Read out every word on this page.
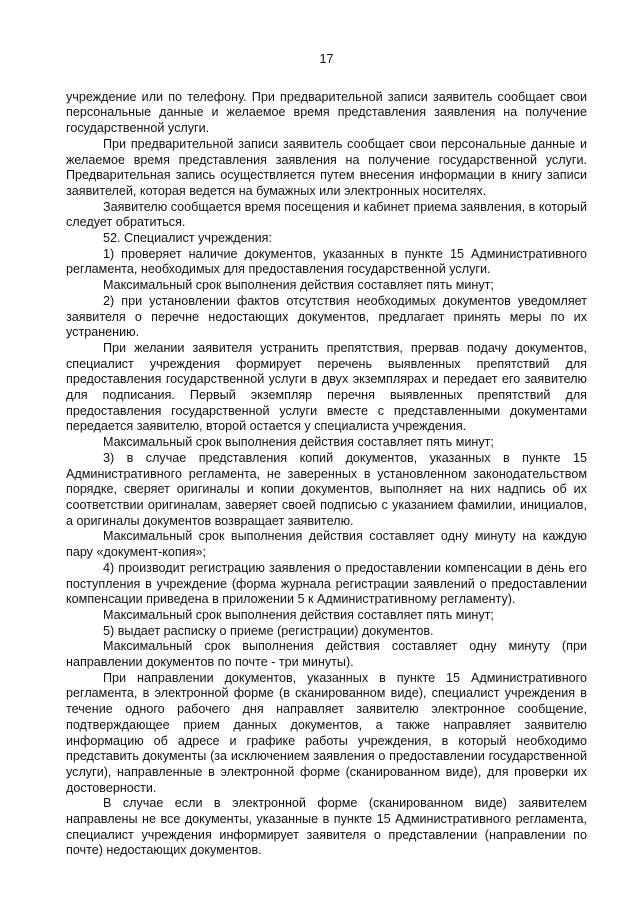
17

учреждение или по телефону. При предварительной записи заявитель сообщает свои персональные данные и желаемое время представления заявления на получение государственной услуги.

При предварительной записи заявитель сообщает свои персональные данные и желаемое время представления заявления на получение государственной услуги. Предварительная запись осуществляется путем внесения информации в книгу записи заявителей, которая ведется на бумажных или электронных носителях.

Заявителю сообщается время посещения и кабинет приема заявления, в который следует обратиться.

52. Специалист учреждения:

1) проверяет наличие документов, указанных в пункте 15 Административного регламента, необходимых для предоставления государственной услуги.

Максимальный срок выполнения действия составляет пять минут;

2) при установлении фактов отсутствия необходимых документов уведомляет заявителя о перечне недостающих документов, предлагает принять меры по их устранению.

При желании заявителя устранить препятствия, прервав подачу документов, специалист учреждения формирует перечень выявленных препятствий для предоставления государственной услуги в двух экземплярах и передает его заявителю для подписания. Первый экземпляр перечня выявленных препятствий для предоставления государственной услуги вместе с представленными документами передается заявителю, второй остается у специалиста учреждения.

Максимальный срок выполнения действия составляет пять минут;

3) в случае представления копий документов, указанных в пункте 15 Административного регламента, не заверенных в установленном законодательством порядке, сверяет оригиналы и копии документов, выполняет на них надпись об их соответствии оригиналам, заверяет своей подписью с указанием фамилии, инициалов, а оригиналы документов возвращает заявителю.

Максимальный срок выполнения действия составляет одну минуту на каждую пару «документ-копия»;

4) производит регистрацию заявления о предоставлении компенсации в день его поступления в учреждение (форма журнала регистрации заявлений о предоставлении компенсации приведена в приложении 5 к Административному регламенту).

Максимальный срок выполнения действия составляет пять минут;

5) выдает расписку о приеме (регистрации) документов.

Максимальный срок выполнения действия составляет одну минуту (при направлении документов по почте - три минуты).

При направлении документов, указанных в пункте 15 Административного регламента, в электронной форме (в сканированном виде), специалист учреждения в течение одного рабочего дня направляет заявителю электронное сообщение, подтверждающее прием данных документов, а также направляет заявителю информацию об адресе и графике работы учреждения, в который необходимо представить документы (за исключением заявления о предоставлении государственной услуги), направленные в электронной форме (сканированном виде), для проверки их достоверности.

В случае если в электронной форме (сканированном виде) заявителем направлены не все документы, указанные в пункте 15 Административного регламента, специалист учреждения информирует заявителя о представлении (направлении по почте) недостающих документов.
